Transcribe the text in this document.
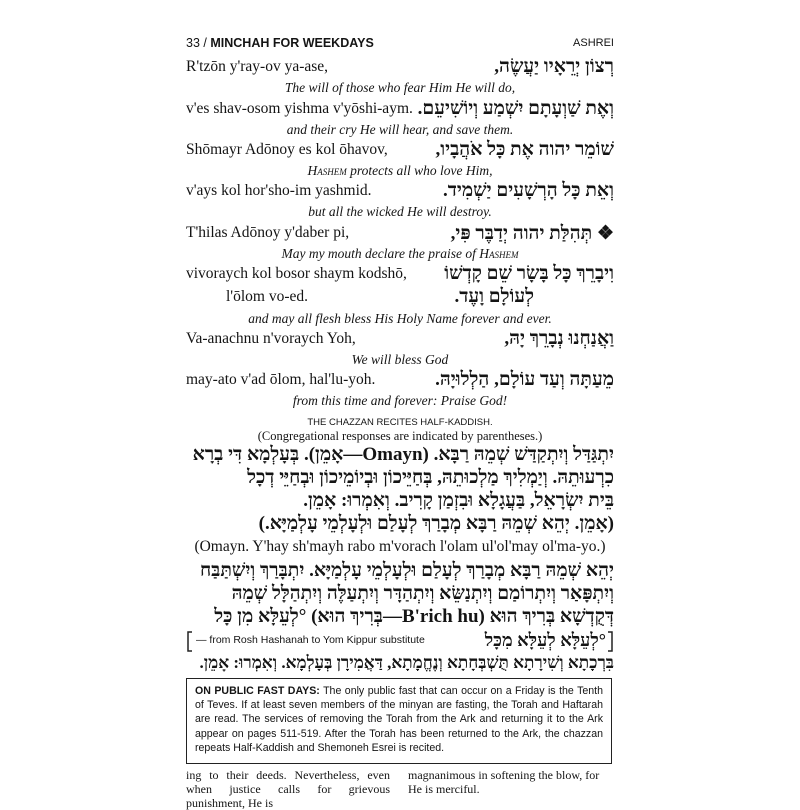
33 / MINCHAH FOR WEEKDAYS	ASHREI
R'tzōn y'ray-ov ya-ase,	רְצוֹן יְרֵאָיו יַעֲשֶׂה,
The will of those who fear Him He will do,
v'es shav-osom yishma v'yōshi-aym. וְאֶת שַׁוְעָתָם יִשְׁמַע וְיוֹשִׁיעֵם.
and their cry He will hear, and save them.
Shōmayr Adōnoy es kol ōhavov,	שׁוֹמֵר יהוה אֶת כָּל אֹהֲבָיו,
Hashem protects all who love Him,
v'ays kol hor'sho-im yashmid.	וְאֵת כָּל הָרְשָׁעִים יַשְׁמִיד.
but all the wicked He will destroy.
T'hilas Adōnoy y'daber pi,	❖ תְּהִלַּת יהוה יְדַבֶּר פִּי,
May my mouth declare the praise of Hashem
vivoraych kol bosor shaym kodshō, וִיבָרֵךְ כָּל בָּשָׂר שֵׁם קָדְשׁוֹ
l'ōlom vo-ed.	לְעוֹלָם וָעֶד.
and may all flesh bless His Holy Name forever and ever.
Va-anachnu n'voraych Yoh,	וַאֲנַחְנוּ נְבָרֵךְ יָהּ,
We will bless God
may-ato v'ad ōlom, hal'lu-yoh.	מֵעַתָּה וְעַד עוֹלָם, הַלְלוּיָהּ.
from this time and forever: Praise God!
THE CHAZZAN RECITES HALF-KADDISH.
(Congregational responses are indicated by parentheses.)
יִתְגַּדַּל וְיִתְקַדַּשׁ שְׁמֵהּ רַבָּא. (Omayn—אָמֵן). בְּעָלְמָא דִּי בְרָא
כִרְעוּתֵהּ. וְיַמְלִיךְ מַלְכוּתֵהּ, בְּחַיֵּיכוֹן וּבְיוֹמֵיכוֹן וּבְחַיֵּי דְכָל
בֵּית יִשְׂרָאֵל, בַּעֲגָלָא וּבִזְמַן קָרִיב. וְאִמְרוּ: אָמֵן.
(אָמֵן. יְהֵא שְׁמֵהּ רַבָּא מְבָרַךְ לְעָלַם וּלְעָלְמֵי עָלְמַיָּא.)
(Omayn. Y'hay sh'mayh rabo m'vorach l'olam ul'ol'may ol'ma-yo.)
יְהֵא שְׁמֵהּ רַבָּא מְבָרַךְ לְעָלַם וּלְעָלְמֵי עָלְמַיָּא. יִתְבָּרַךְ וְיִשְׁתַּבַּח
וְיִתְפָּאַר וְיִתְרוֹמַם וְיִתְנַשֵּׂא וְיִתְהַדָּר וְיִתְעַלֶּה וְיִתְהַלָּל שְׁמֵהּ
דְּקֻדְשָׁא בְּרִיךְ הוּא (B'rich hu—בְּרִיךְ הוּא) °לְעֵלָּא מִן כָּל
— from Rosh Hashanah to Yom Kippur substitute	°לְעֵלָּא לְעֵלָּא מִכָּל
ON PUBLIC FAST DAYS: The only public fast that can occur on a Friday is the Tenth of Teves. If at least seven members of the minyan are fasting, the Torah and Haftarah are read. The services of removing the Torah from the Ark and returning it to the Ark appear on pages 511-519. After the Torah has been returned to the Ark, the chazzan repeats Half-Kaddish and Shemoneh Esrei is recited.
ing to their deeds. Nevertheless, even when justice calls for grievous punishment, He is
magnanimous in softening the blow, for He is merciful.
בִּרְכָתָא וְשִׁירָתָא תֻּשְׁבְּחָתָא וְנֶחֱמָתָא, דַּאֲמִירָן בְּעָלְמָא. וְאִמְרוּ: אָמֵן.
